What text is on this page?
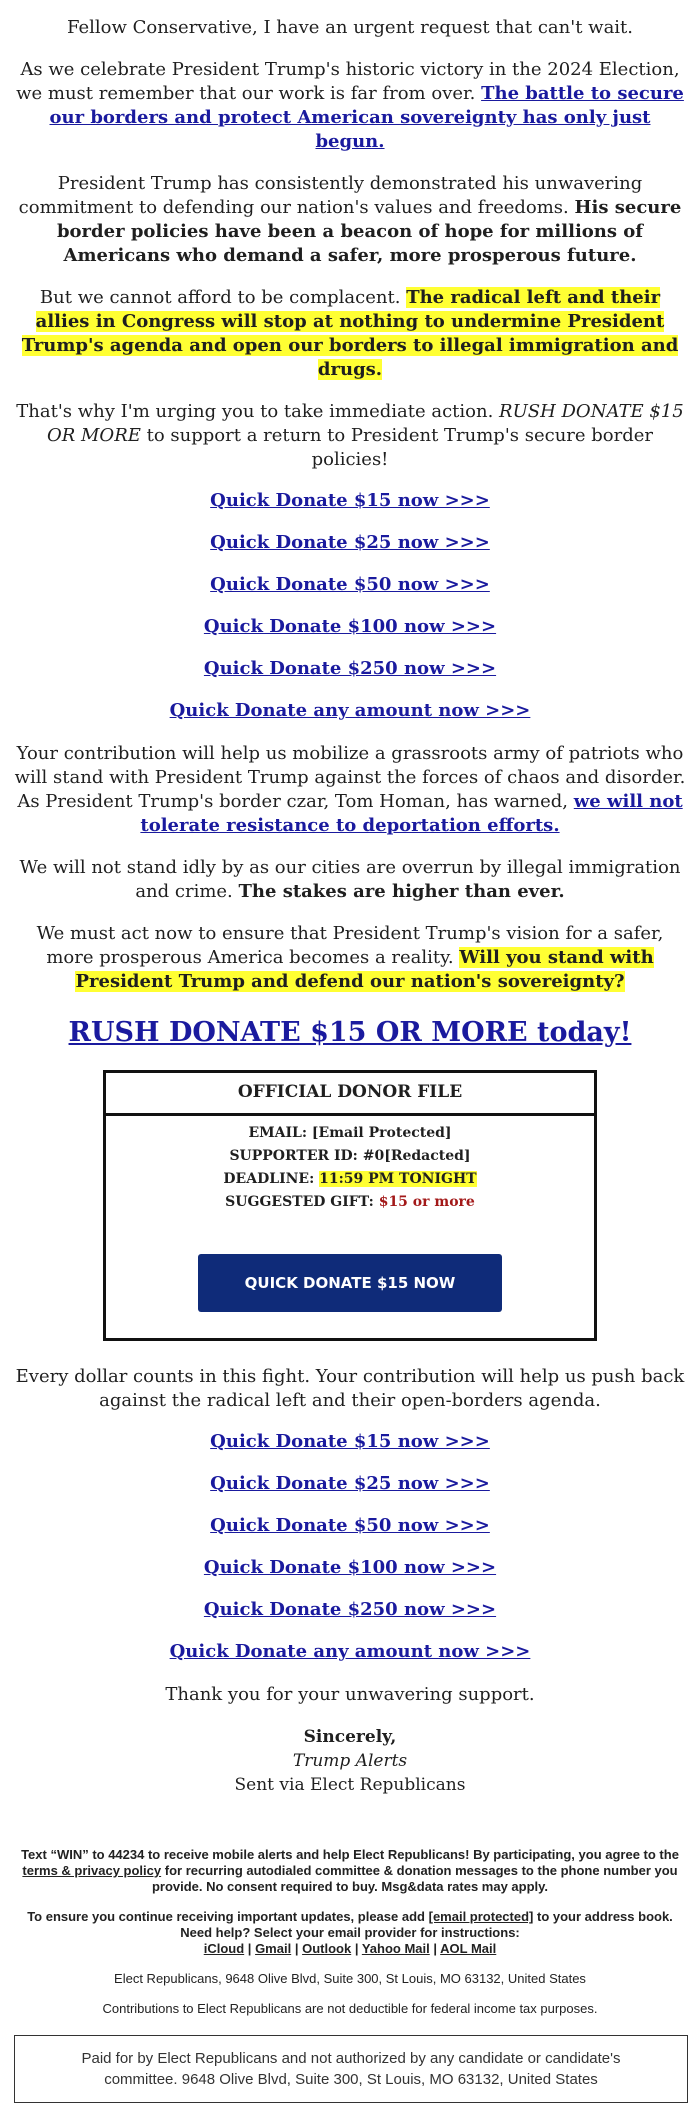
Fellow Conservative, I have an urgent request that can't wait.

As we celebrate President Trump's historic victory in the 2024 Election, we must remember that our work is far from over. The battle to secure our borders and protect American sovereignty has only just begun.

President Trump has consistently demonstrated his unwavering commitment to defending our nation's values and freedoms. His secure border policies have been a beacon of hope for millions of Americans who demand a safer, more prosperous future.

But we cannot afford to be complacent. The radical left and their allies in Congress will stop at nothing to undermine President Trump's agenda and open our borders to illegal immigration and drugs.

That's why I'm urging you to take immediate action. RUSH DONATE $15 OR MORE to support a return to President Trump's secure border policies!

Quick Donate $15 now >>>

Quick Donate $25 now >>>

Quick Donate $50 now >>>

Quick Donate $100 now >>>

Quick Donate $250 now >>>

Quick Donate any amount now >>>

Your contribution will help us mobilize a grassroots army of patriots who will stand with President Trump against the forces of chaos and disorder. As President Trump's border czar, Tom Homan, has warned, we will not tolerate resistance to deportation efforts.

We will not stand idly by as our cities are overrun by illegal immigration and crime. The stakes are higher than ever.

We must act now to ensure that President Trump's vision for a safer, more prosperous America becomes a reality. Will you stand with President Trump and defend our nation's sovereignty?

RUSH DONATE $15 OR MORE today!

OFFICIAL DONOR FILE
EMAIL: [Email Protected]
SUPPORTER ID: #0[Redacted]
DEADLINE: 11:59 PM TONIGHT
SUGGESTED GIFT: $15 or more
QUICK DONATE $15 NOW

Every dollar counts in this fight. Your contribution will help us push back against the radical left and their open-borders agenda.

Quick Donate $15 now >>>

Quick Donate $25 now >>>

Quick Donate $50 now >>>

Quick Donate $100 now >>>

Quick Donate $250 now >>>

Quick Donate any amount now >>>

Thank you for your unwavering support.

Sincerely,
Trump Alerts
Sent via Elect Republicans

Text “WIN” to 44234 to receive mobile alerts and help Elect Republicans! By participating, you agree to the terms & privacy policy for recurring autodialed committee & donation messages to the phone number you provide. No consent required to buy. Msg&data rates may apply.

To ensure you continue receiving important updates, please add [email protected] to your address book. Need help? Select your email provider for instructions:
iCloud | Gmail | Outlook | Yahoo Mail | AOL Mail

Elect Republicans, 9648 Olive Blvd, Suite 300, St Louis, MO 63132, United States

Contributions to Elect Republicans are not deductible for federal income tax purposes.

Paid for by Elect Republicans and not authorized by any candidate or candidate's committee. 9648 Olive Blvd, Suite 300, St Louis, MO 63132, United States
